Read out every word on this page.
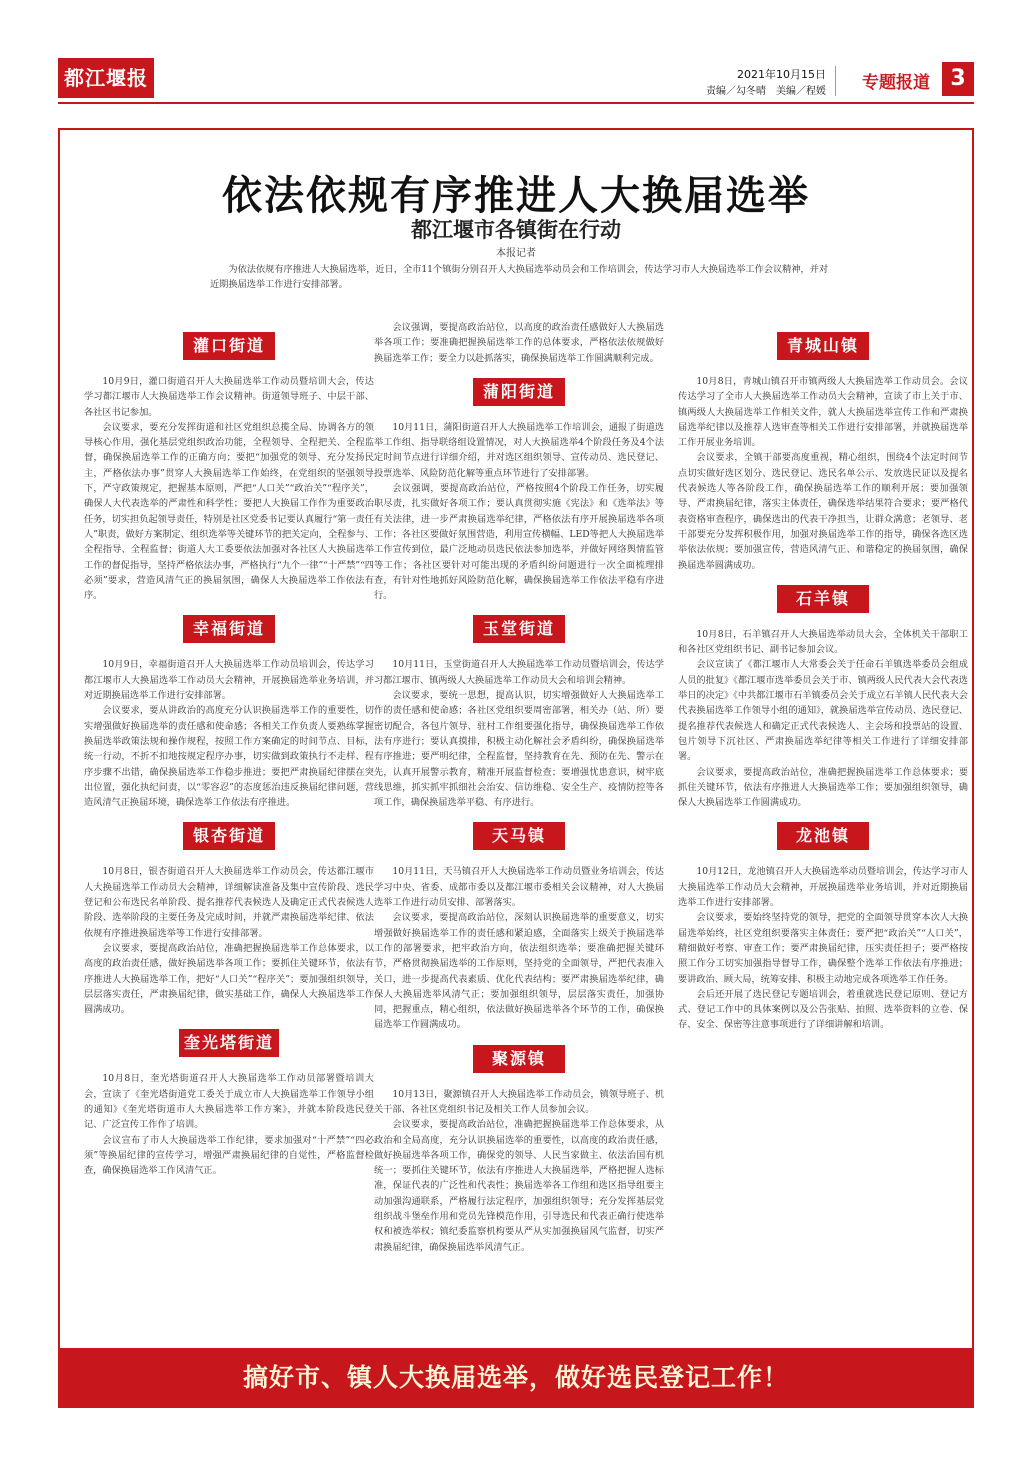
都江堰报	2021年10月15日
责编／勾冬晴　美编／程媛 专题报道 3
依法依规有序推进人大换届选举
都江堰市各镇街在行动
本报记者

为依法依规有序推进人大换届选举，近日，全市11个镇街分别召开人大换届选举动员会和工作培训会，传达学习市人大换届选举工作会议精神，并对近期换届选举工作进行安排部署。

灌口街道

10月9日，灌口街道召开人大换届选举工作动员暨培训大会，传达学习都江堰市人大换届选举工作会议精神。街道领导班子、中层干部、各社区书记参加。

会议要求，要充分发挥街道和社区党组织总揽全局、协调各方的领导核心作用，强化基层党组织政治功能，全程领导、全程把关、全程监督，确保换届选举工作的正确方向；要把“加强党的领导、充分发扬民主，严格依法办事”贯穿人大换届选举工作始终，在党组织的坚强领导下，严守政策规定，把握基本原则，严把“人口关”“政治关”“程序关”，确保人大代表选举的严肃性和科学性；要把人大换届工作作为重要政治任务，切实担负起领导责任，特别是社区党委书记要认真履行“第一责任人”职责，做好方案制定、组织选举等关键环节的把关定向，全程参与、全程指导、全程监督；街道人大工委要依法加强对各社区人大换届选举工作的督促指导，坚持严格依法办事，严格执行“九个一律”“十严禁”“四必须”要求，营造风清气正的换届氛围，确保人大换届选举工作依法有序。

幸福街道

10月9日，幸福街道召开人大换届选举工作动员培训会，传达学习都江堰市人大换届选举工作动员大会精神，开展换届选举业务培训，并对近期换届选举工作进行安排部署。

会议要求，要从讲政治的高度充分认识换届选举工作的重要性，切实增强做好换届选举的责任感和使命感；各相关工作负责人要熟练掌握换届选举政策法规和操作规程，按照工作方案确定的时间节点、目标，统一行动，不折不扣地按规定程序办事，切实做到政策执行不走样、程序步骤不出错，确保换届选举工作稳步推进；要把严肃换届纪律摆在突出位置，强化执纪问责，以“零容忍”的态度惩治违反换届纪律问题，营造风清气正换届环境，确保选举工作依法有序推进。

银杏街道

10月8日，银杏街道召开人大换届选举工作动员会，传达都江堰市人大换届选举工作动员大会精神，详细解读准备及集中宣传阶段、选民登记和公布选民名单阶段、提名推荐代表候选人及确定正式代表候选人阶段、选举阶段的主要任务及完成时间，并就严肃换届选举纪律、依法依规有序推进换届选举等工作进行安排部署。

会议要求，要提高政治站位，准确把握换届选举工作总体要求，以高度的政治责任感，做好换届选举各项工作；要抓住关键环节，依法有序推进人大换届选举工作，把好“人口关”“程序关”；要加强组织领导，层层落实责任，严肃换届纪律，做实基础工作，确保人大换届选举工作圆满成功。

奎光塔街道

10月8日，奎光塔街道召开人大换届选举工作动员部署暨培训大会，宣读了《奎光塔街道党工委关于成立市人大换届选举工作领导小组的通知》《奎光塔街道市人大换届选举工作方案》，并就本阶段选民登记、广泛宣传工作作了培训。

会议宣布了市人大换届选举工作纪律，要求加强对“十严禁”“四必须”等换届纪律的宣传学习，增强严肃换届纪律的自觉性，严格监督检查，确保换届选举工作风清气正。

会议强调，要提高政治站位，以高度的政治责任感做好人大换届选举各项工作；要准确把握换届选举工作的总体要求，严格依法依规做好换届选举工作；要全力以赴抓落实，确保换届选举工作圆满顺利完成。

蒲阳街道

10月11日，蒲阳街道召开人大换届选举工作培训会，通报了街道选举工作组、指导联络组设置情况，对人大换届选举4个阶段任务及4个法定时间节点进行详细介绍，并对选区组织领导、宣传动员、选民登记、投票选举、风险防范化解等重点环节进行了安排部署。

会议强调，要提高政治站位，严格按照4个阶段工作任务，切实履职尽责，扎实做好各项工作；要认真贯彻实施《宪法》和《选举法》等有关法律，进一步严肃换届选举纪律，严格依法有序开展换届选举各项工作；各社区要做好氛围营造，利用宣传横幅、LED等把人大换届选举工作宣传到位，最广泛地动员选民依法参加选举，并做好网络舆情监管等工作；各社区要针对可能出现的矛盾纠纷问题进行一次全面梳理排查，有针对性地抓好风险防范化解，确保换届选举工作依法平稳有序进行。

玉堂街道

10月11日，玉堂街道召开人大换届选举工作动员暨培训会，传达学习都江堰市、镇两级人大换届选举工作动员大会和培训会精神。

会议要求，要统一思想，提高认识，切实增强做好人大换届选举工作的责任感和使命感；各社区党组织要周密部署，相关办（站、所）要密切配合，各包片领导、驻村工作组要强化指导，确保换届选举工作依法有序进行；要认真摸排，积极主动化解社会矛盾纠纷，确保换届选举有序推进；要严明纪律，全程监督，坚持教育在先、预防在先、警示在先，认真开展警示教育，精准开展监督检查；要增强忧患意识，树牢底线思维，抓实抓牢抓细社会治安、信访维稳、安全生产、疫情防控等各项工作，确保换届选举平稳、有序进行。

天马镇

10月11日，天马镇召开人大换届选举工作动员暨业务培训会，传达学习中央、省委、成都市委以及都江堰市委相关会议精神，对人大换届选举工作进行动员安排、部署落实。

会议要求，要提高政治站位，深刻认识换届选举的重要意义，切实增强做好换届选举工作的责任感和紧迫感，全面落实上级关于换届选举工作的部署要求，把牢政治方向，依法组织选举；要准确把握关键环节，严格贯彻换届选举的工作原则，坚持党的全面领导，严把代表准入关口，进一步提高代表素质、优化代表结构；要严肃换届选举纪律，确保人大换届选举风清气正；要加强组织领导，层层落实责任，加强协同，把握重点，精心组织，依法做好换届选举各个环节的工作，确保换届选举工作圆满成功。

聚源镇

10月13日，聚源镇召开人大换届选举工作动员会，镇领导班子、机关干部、各社区党组织书记及相关工作人员参加会议。

会议要求，要提高政治站位，准确把握换届选举工作总体要求，从政治和全局高度，充分认识换届选举的重要性，以高度的政治责任感，做好换届选举各项工作，确保党的领导、人民当家做主、依法治国有机统一；要抓住关键环节，依法有序推进人大换届选举，严格把握人选标准，保证代表的广泛性和代表性；换届选举各工作组和选区指导组要主动加强沟通联系，严格履行法定程序，加强组织领导；充分发挥基层党组织战斗堡垒作用和党员先锋模范作用，引导选民和代表正确行使选举权和被选举权；镇纪委监察机构要从严从实加强换届风气监督，切实严肃换届纪律，确保换届选举风清气正。

青城山镇

10月8日，青城山镇召开市镇两级人大换届选举工作动员会。会议传达学习了全市人大换届选举工作动员大会精神，宣读了市上关于市、镇两级人大换届选举工作相关文件，就人大换届选举宣传工作和严肃换届选举纪律以及推荐人选审查等相关工作进行安排部署，并就换届选举工作开展业务培训。

会议要求，全镇干部要高度重视，精心组织，围绕4个法定时间节点切实做好选区划分、选民登记、选民名单公示、发放选民证以及提名代表候选人等各阶段工作，确保换届选举工作的顺利开展；要加强领导、严肃换届纪律，落实主体责任，确保选举结果符合要求；要严格代表资格审查程序，确保选出的代表干净担当，让群众满意；老领导、老干部要充分发挥积极作用，加强对换届选举工作的指导，确保各选区选举依法依规；要加强宣传，营造风清气正、和谐稳定的换届氛围，确保换届选举圆满成功。

石羊镇

10月8日，石羊镇召开人大换届选举动员大会，全体机关干部职工和各社区党组织书记、副书记参加会议。

会议宣读了《都江堰市人大常委会关于任命石羊镇选举委员会组成人员的批复》《都江堰市选举委员会关于市、镇两级人民代表大会代表选举日的决定》《中共都江堰市石羊镇委员会关于成立石羊镇人民代表大会代表换届选举工作领导小组的通知》，就换届选举宣传动员、选民登记、提名推荐代表候选人和确定正式代表候选人、主会场和投票站的设置、包片领导下沉社区、严肃换届选举纪律等相关工作进行了详细安排部署。

会议要求，要提高政治站位，准确把握换届选举工作总体要求；要抓住关键环节，依法有序推进人大换届选举工作；要加强组织领导，确保人大换届选举工作圆满成功。

龙池镇

10月12日，龙池镇召开人大换届选举动员暨培训会，传达学习市人大换届选举工作动员大会精神，开展换届选举业务培训，并对近期换届选举工作进行安排部署。

会议要求，要始终坚持党的领导，把党的全面领导贯穿本次人大换届选举始终，社区党组织要落实主体责任；要严把“政治关”“人口关”，精细做好考察、审查工作；要严肃换届纪律，压实责任担子；要严格按照工作分工切实加强指导督导工作，确保整个选举工作依法有序推进；要讲政治、顾大局，统筹安排、积极主动地完成各项选举工作任务。

会后还开展了选民登记专题培训会，着重就选民登记原则、登记方式、登记工作中的具体案例以及公告张贴、拍照、选举资料的立卷、保存、安全、保密等注意事项进行了详细讲解和培训。

搞好市、镇人大换届选举，做好选民登记工作！
